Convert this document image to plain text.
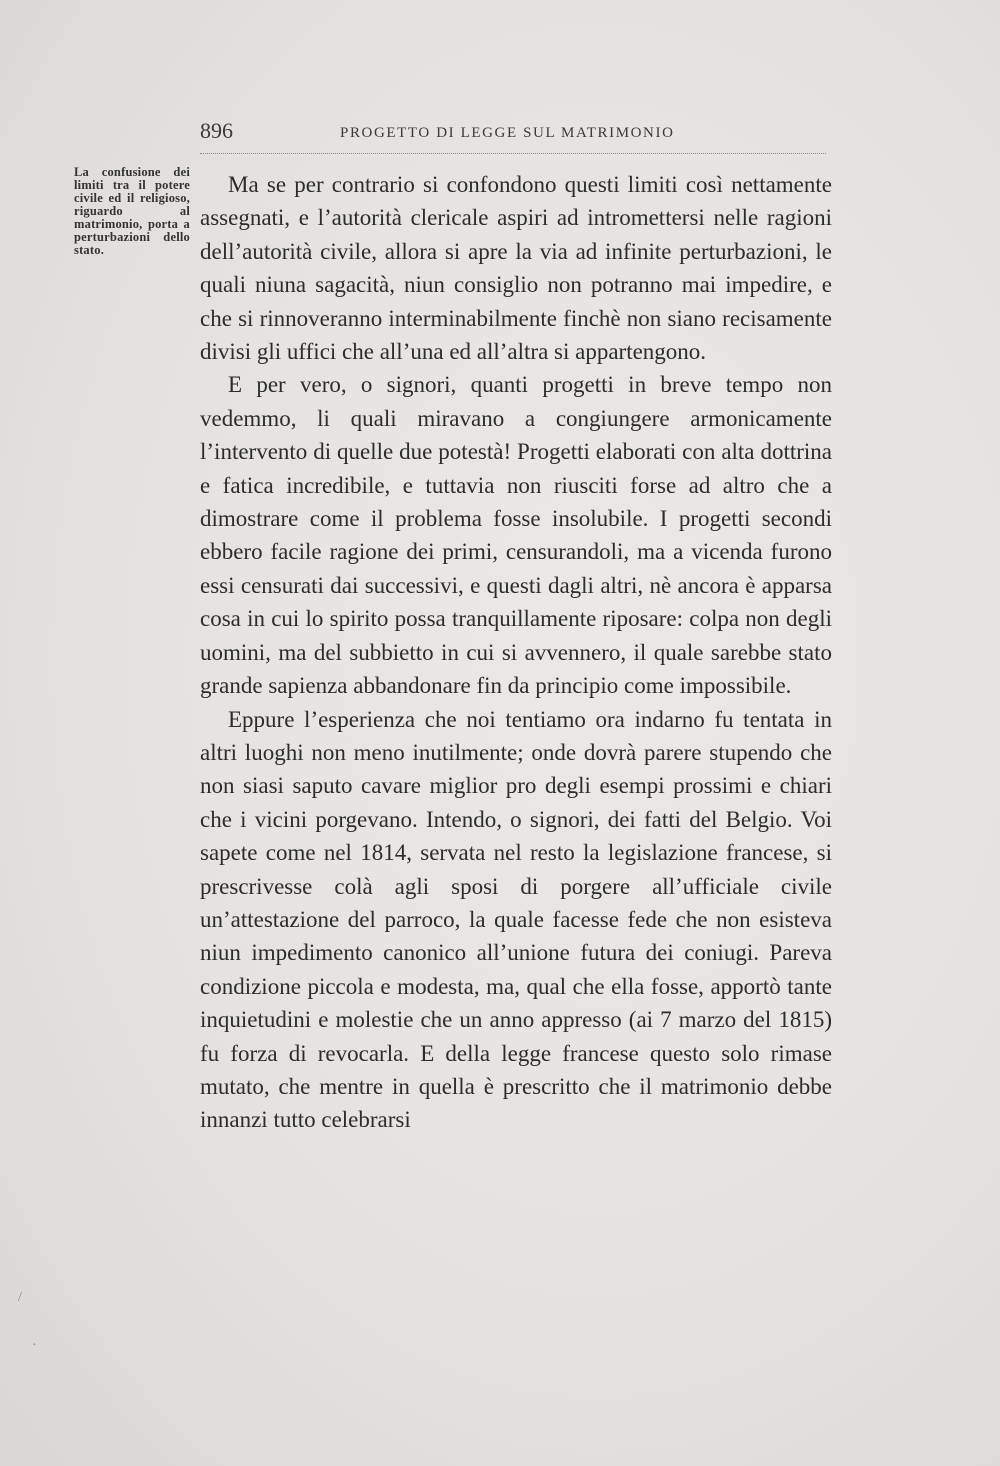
896	PROGETTO DI LEGGE SUL MATRIMONIO
La confusione dei limiti tra il potere civile ed il religioso, riguardo al matrimonio, porta a perturbazioni dello stato.

Ma se per contrario si confondono questi limiti così nettamente assegnati, e l’autorità clericale aspiri ad intromettersi nelle ragioni dell’autorità civile, allora si apre la via ad infinite perturbazioni, le quali niuna sagacità, niun consiglio non potranno mai impedire, e che si rinnoveranno interminabilmente finchè non siano recisamente divisi gli uffici che all’una ed all’altra si appartengono.

E per vero, o signori, quanti progetti in breve tempo non vedemmo, li quali miravano a congiungere armonicamente l’intervento di quelle due potestà! Progetti elaborati con alta dottrina e fatica incredibile, e tuttavia non riusciti forse ad altro che a dimostrare come il problema fosse insolubile. I progetti secondi ebbero facile ragione dei primi, censurandoli, ma a vicenda furono essi censurati dai successivi, e questi dagli altri, nè ancora è apparsa cosa in cui lo spirito possa tranquillamente riposare: colpa non degli uomini, ma del subbietto in cui si avvennero, il quale sarebbe stato grande sapienza abbandonare fin da principio come impossibile.

Eppure l’esperienza che noi tentiamo ora indarno fu tentata in altri luoghi non meno inutilmente; onde dovrà parere stupendo che non siasi saputo cavare miglior pro degli esempi prossimi e chiari che i vicini porgevano. Intendo, o signori, dei fatti del Belgio. Voi sapete come nel 1814, servata nel resto la legislazione francese, si prescrivesse colà agli sposi di porgere all’ufficiale civile un’attestazione del parroco, la quale facesse fede che non esisteva niun impedimento canonico all’unione futura dei coniugi. Pareva condizione piccola e modesta, ma, qual che ella fosse, apportò tante inquietudini e molestie che un anno appresso (ai 7 marzo del 1815) fu forza di revocarla. E della legge francese questo solo rimase mutato, che mentre in quella è prescritto che il matrimonio debbe innanzi tutto celebrarsi

/
·
